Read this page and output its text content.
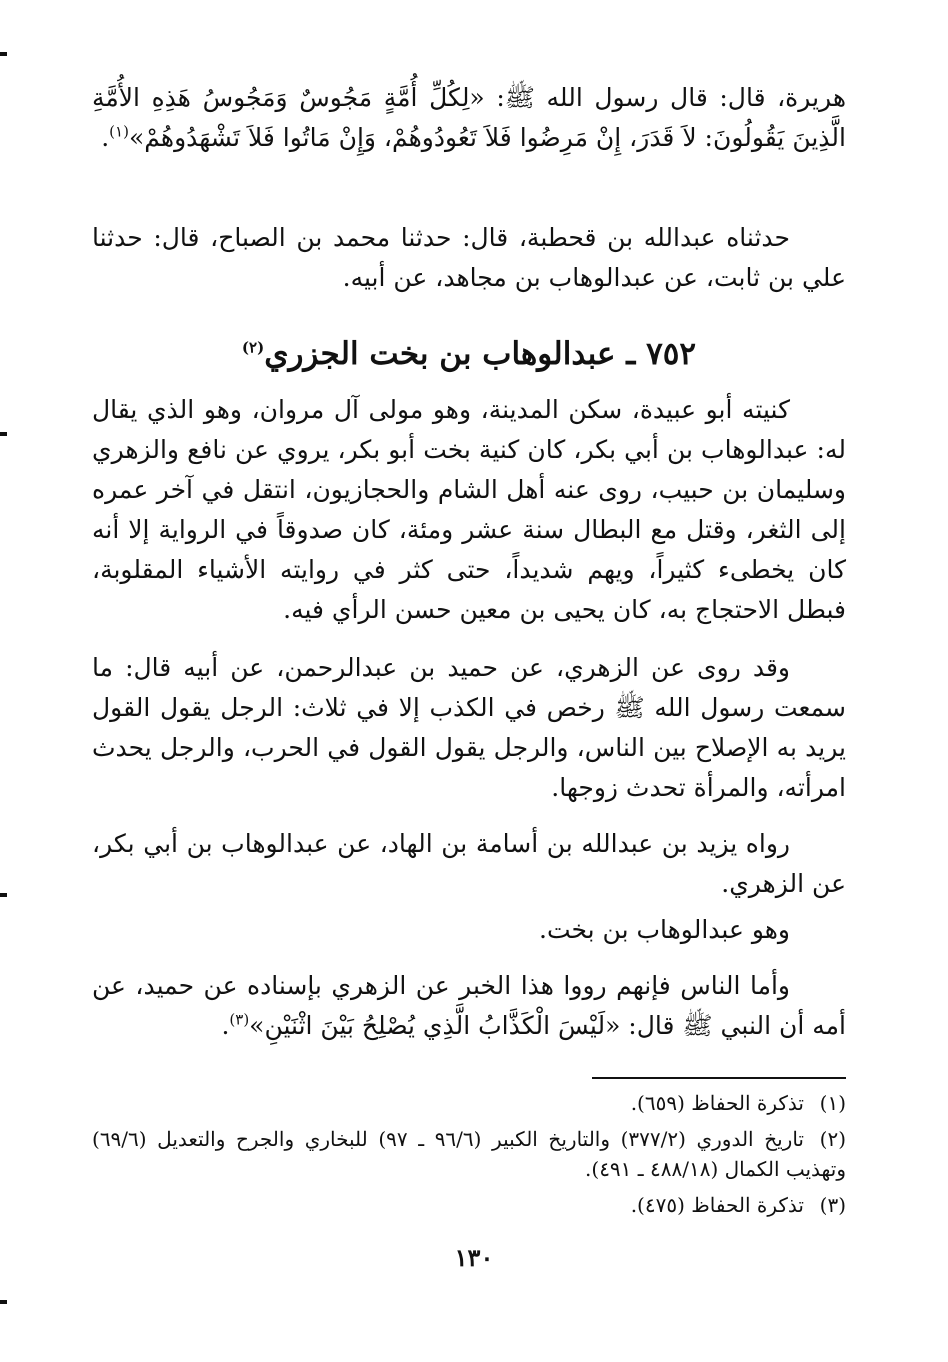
هريرة، قال: قال رسول الله ﷺ: «لِكُلِّ أُمَّةٍ مَجُوسٌ وَمَجُوسُ هَذِهِ الأُمَّةِ الَّذِينَ يَقُولُونَ: لاَ قَدَرَ، إِنْ مَرِضُوا فَلاَ تَعُودُوهُمْ، وَإِنْ مَاتُوا فَلاَ تَشْهَدُوهُمْ»$^{(١)}$.
حدثناه عبدالله بن قحطبة، قال: حدثنا محمد بن الصباح، قال: حدثنا علي بن ثابت، عن عبدالوهاب بن مجاهد، عن أبيه.
٧٥٢ ـ عبدالوهاب بن بخت الجزري$^{(٢)}$
كنيته أبو عبيدة، سكن المدينة، وهو مولى آل مروان، وهو الذي يقال له: عبدالوهاب بن أبي بكر، كان كنية بخت أبو بكر، يروي عن نافع والزهري وسليمان بن حبيب، روى عنه أهل الشام والحجازيون، انتقل في آخر عمره إلى الثغر، وقتل مع البطال سنة عشر ومئة، كان صدوقاً في الرواية إلا أنه كان يخطىء كثيراً، ويهم شديداً، حتى كثر في روايته الأشياء المقلوبة، فبطل الاحتجاج به، كان يحيى بن معين حسن الرأي فيه.
وقد روى عن الزهري، عن حميد بن عبدالرحمن، عن أبيه قال: ما سمعت رسول الله ﷺ رخص في الكذب إلا في ثلاث: الرجل يقول القول يريد به الإصلاح بين الناس، والرجل يقول القول في الحرب، والرجل يحدث امرأته، والمرأة تحدث زوجها.
رواه يزيد بن عبدالله بن أسامة بن الهاد، عن عبدالوهاب بن أبي بكر، عن الزهري.
وهو عبدالوهاب بن بخت.
وأما الناس فإنهم رووا هذا الخبر عن الزهري بإسناده عن حميد، عن أمه أن النبي ﷺ قال: «لَيْسَ الْكَذَّابُ الَّذِي يُصْلِحُ بَيْنَ اثْنَيْنِ»$^{(٣)}$.
(١)تذكرة الحفاظ (٦٥٩).
(٢)تاريخ الدوري (٣٧٧/٢) والتاريخ الكبير (٩٦/٦ ـ ٩٧) للبخاري والجرح والتعديل (٦٩/٦) وتهذيب الكمال (٤٨٨/١٨ ـ ٤٩١).
(٣)تذكرة الحفاظ (٤٧٥).
١٣٠
